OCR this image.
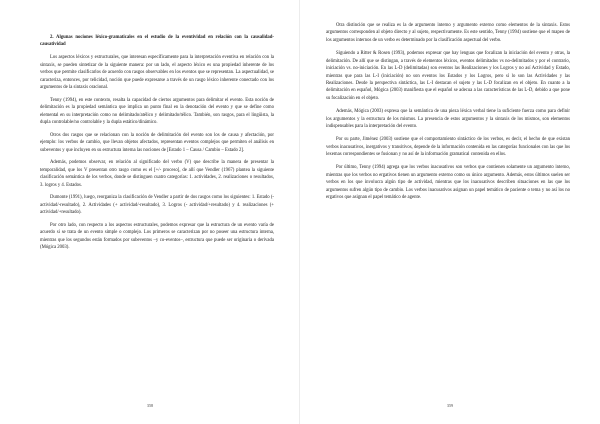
2. Algunas nociones léxico-gramaticales en el estudio de la eventividad en relación con la causalidad-causatividad

Los aspectos léxicos y estructurales, que interesan específicamente para la interpretación eventiva en relación con la sintaxis, se pueden sintetizar de la siguiente manera: por un lado, el aspecto léxico es una propiedad inherente de los verbos que permite clasificarlos de acuerdo con rasgos observables en los eventos que se representan. La aspectualidad, se caracteriza, entonces, por telicidad, noción que puede expresarse a través de un rasgo léxico inherente conectado con los argumentos de la sintaxis oracional.

Tenny (1994), en este contexto, resalta la capacidad de ciertos argumentos para delimitar el evento. Esta noción de delimitación es la propiedad semántica que implica un punto final en la denotación del evento y que se define como elemental en su interpretación como no delimitado/atélico y delimitado/télico. También, son rasgos, para el lingüista, la dupla controlable/no controlable y la dupla estático/dinámico.

Otros dos rasgos que se relacionan con la noción de delimitación del evento son los de causa y afectación, por ejemplo: los verbos de cambio, que llevan objetos afectados, representan eventos complejos que permiten el análisis en subeventos y que incluyen en su estructura interna las nociones de [Estado 1 – Causa / Cambio – Estado 2].

Además, podemos observar, en relación al significado del verbo (V) que describe la manera de presentar la temporalidad, que los V presentan otro rasgo como es el [+/- proceso], de allí que Vendler (1967) plantea la siguiente clasificación semántica de los verbos, donde se distinguen cuatro categorías: 1. actividades, 2. realizaciones o resultados, 3. logros y 4. Estados.

Dumonte (1991), luego, reorganiza la clasificación de Vendler a partir de dos rasgos como los siguientes: 1. Estado (- actividad/-resultado), 2. Actividades (+ actividad/-resultado), 3. Logros (- actividad/+resultado) y 4. realizaciones (+ actividad/+resultado).

Por otro lado, con respecto a los aspectos estructurales, podemos expresar que la estructura de un evento varía de acuerdo si se trata de un evento simple o complejo. Los primeros se caracterizan por no poseer una estructura interna, mientras que los segundos están formados por subeventos –y co-eventos–, estructura que puede ser originaria o derivada (Mógica 2003).

358

Otra distinción que se realiza es la de argumento interno y argumento externo como elementos de la sintaxis. Estos argumentos corresponden al objeto directo y al sujeto, respectivamente. Es este sentido, Tenny (1994) sostiene que el mapeo de los argumentos internos de un verbo es determinado por la clasificación aspectual del verbo.

Siguiendo a Ritter & Rosen (1993), podemos expresar que hay lenguas que focalizan la iniciación del evento y otras, la delimitación. De allí que se distingan, a través de elementos léxicos, eventos delimitados vs no-delimitados y por el contrario, iniciación vs. no-iniciación. En las L-D (delimitadas) son eventos las Realizaciones y los Logros y no así Actividad y Estado, mientras que para las L-I (iniciación) no son eventos los Estados y los Logros, pero sí lo son las Actividades y las Realizaciones. Desde la perspectiva sintáctica, las L-I destacan el sujeto y las L-D focalizan en el objeto. En cuanto a la delimitación en español, Mógica (2003) manifiesta que el español se adecua a las características de las L-D, debido a que pone su focalización en el objeto.

Además, Mógica (2003) expresa que la semántica de una pieza léxica verbal tiene la suficiente fuerza como para definir los argumentos y la estructura de los mismos. La presencia de estos argumentos y la sintaxis de los mismos, son elementos indispensables para la interpretación del evento.

Por su parte, Jiménez (2003) sostiene que el comportamiento sintáctico de los verbos, es decir, el hecho de que existan verbos inacusativos, inergativos y transitivos, depende de la información contenida en las categorías funcionales con las que los lexemas correspondientes se fusionan y no así de la información gramatical contenida en ellos.

Por último, Tenny (1994) agrega que los verbos inacusativos son verbos que contienen solamente un argumento interno, mientras que los verbos no ergativos tienen un argumento externo como su único argumento. Además, estos últimos suelen ser verbos en los que involucra algún tipo de actividad, mientras que los inacusativos describen situaciones en las que los argumentos sufren algún tipo de cambio. Los verbos inacusativos asignan un papel temático de paciente o tema y no así los no ergativos que asignan el papel temático de agente.

359
